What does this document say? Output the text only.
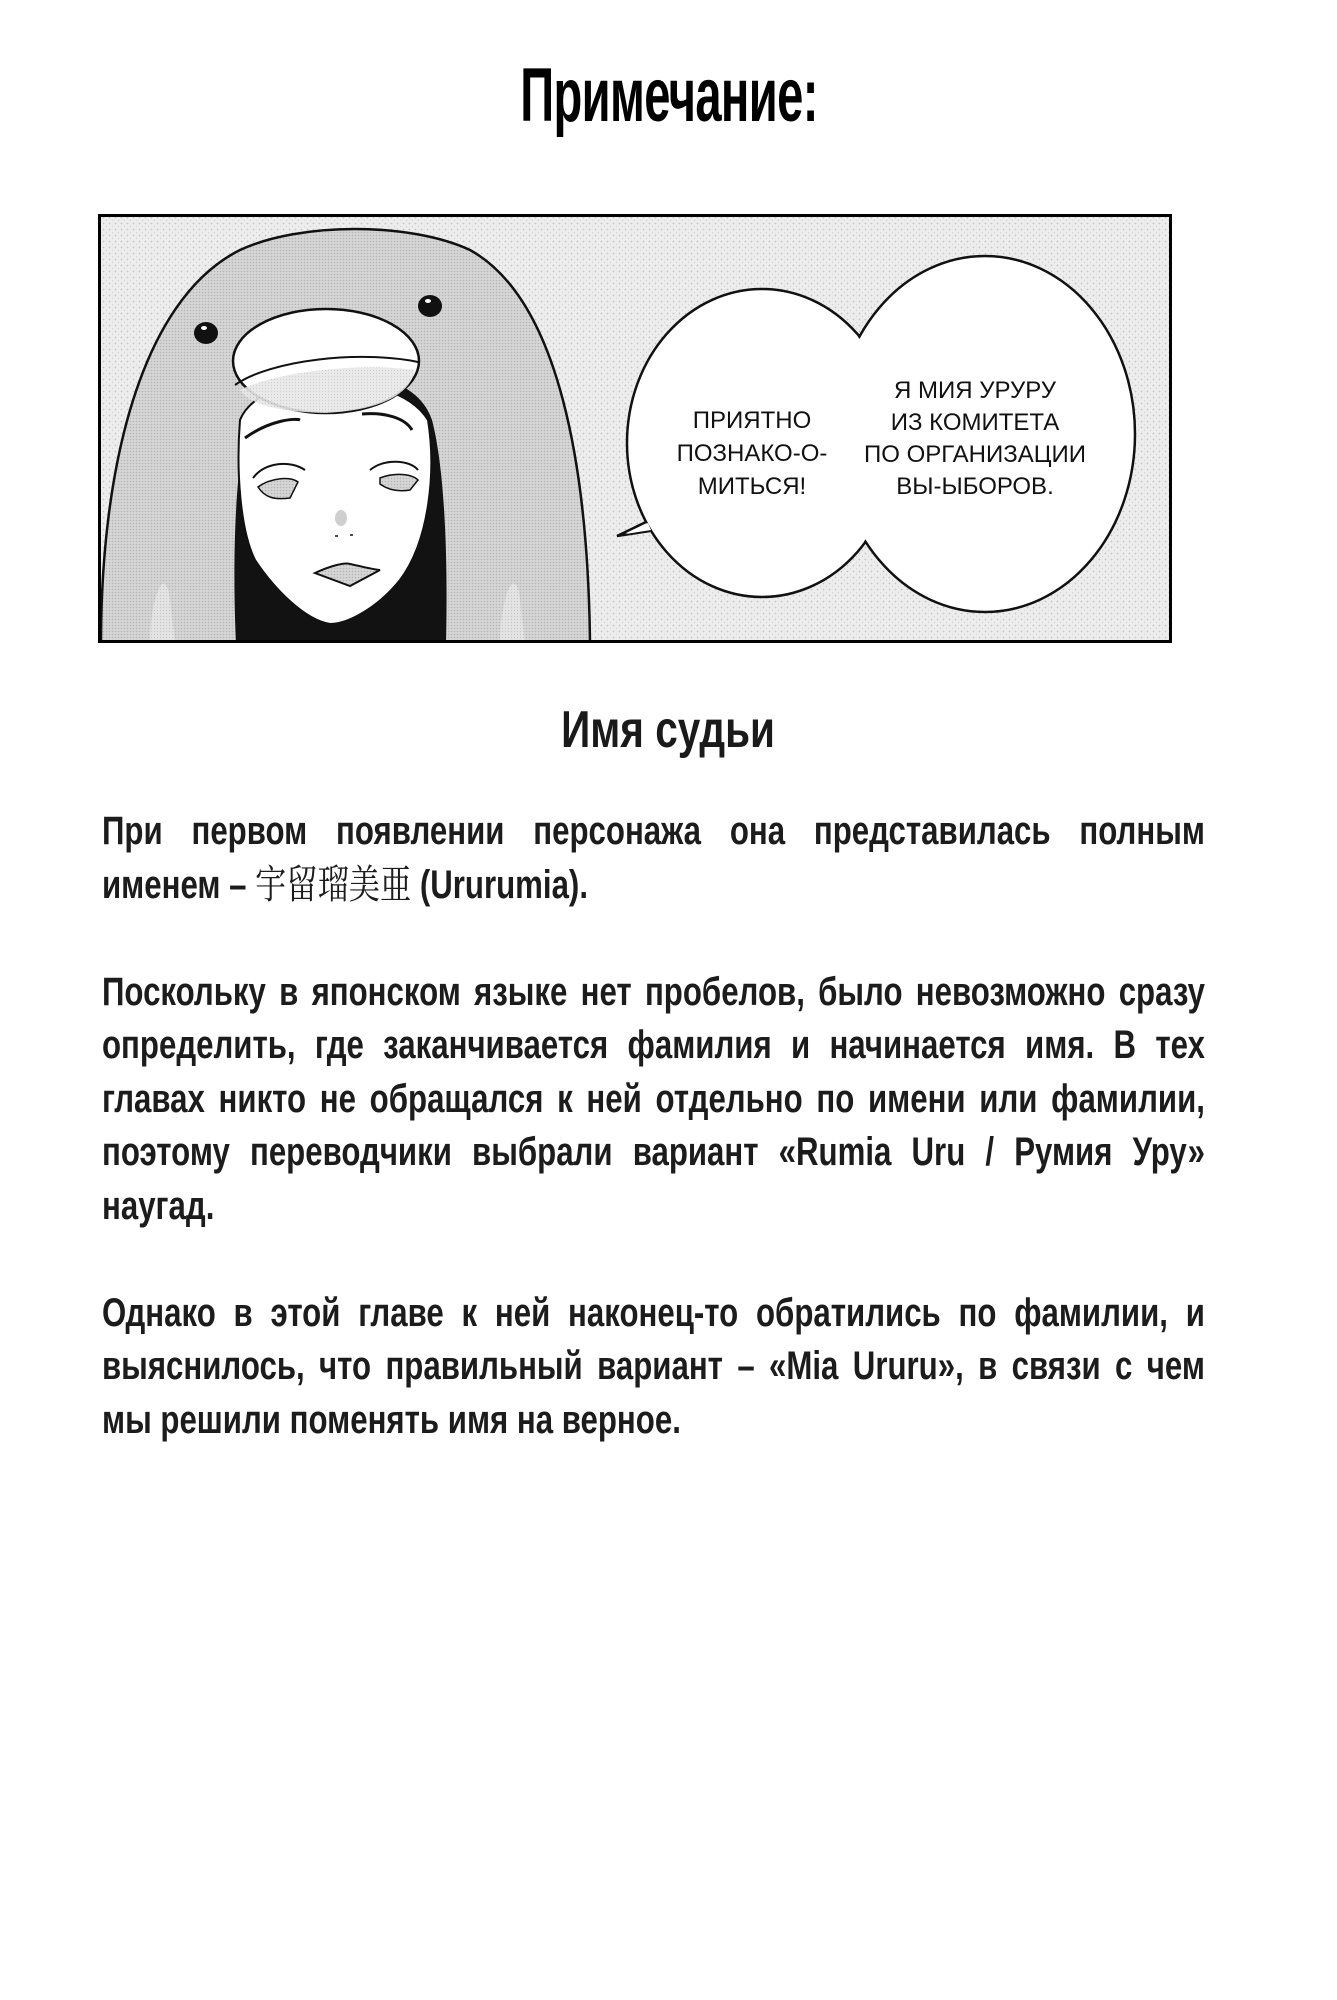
Примечание:
ПРИЯТНО
ПОЗНАКО-О-
МИТЬСЯ!
Я МИЯ УРУРУ
ИЗ КОМИТЕТА
ПО ОРГАНИЗАЦИИ
ВЫ-ЫБОРОВ.
Имя судьи

При первом появлении персонажа она представилась полным именем – 宇留瑠美亜 (Ururumia).

Поскольку в японском языке нет пробелов, было невозможно сразу определить, где заканчивается фамилия и начинается имя. В тех главах никто не обращался к ней отдельно по имени или фамилии, поэтому переводчики выбрали вариант «Rumia Uru / Румия Уру» наугад.

Однако в этой главе к ней наконец-то обратились по фамилии, и выяснилось, что правильный вариант – «Mia Ururu», в связи с чем мы решили поменять имя на верное.
